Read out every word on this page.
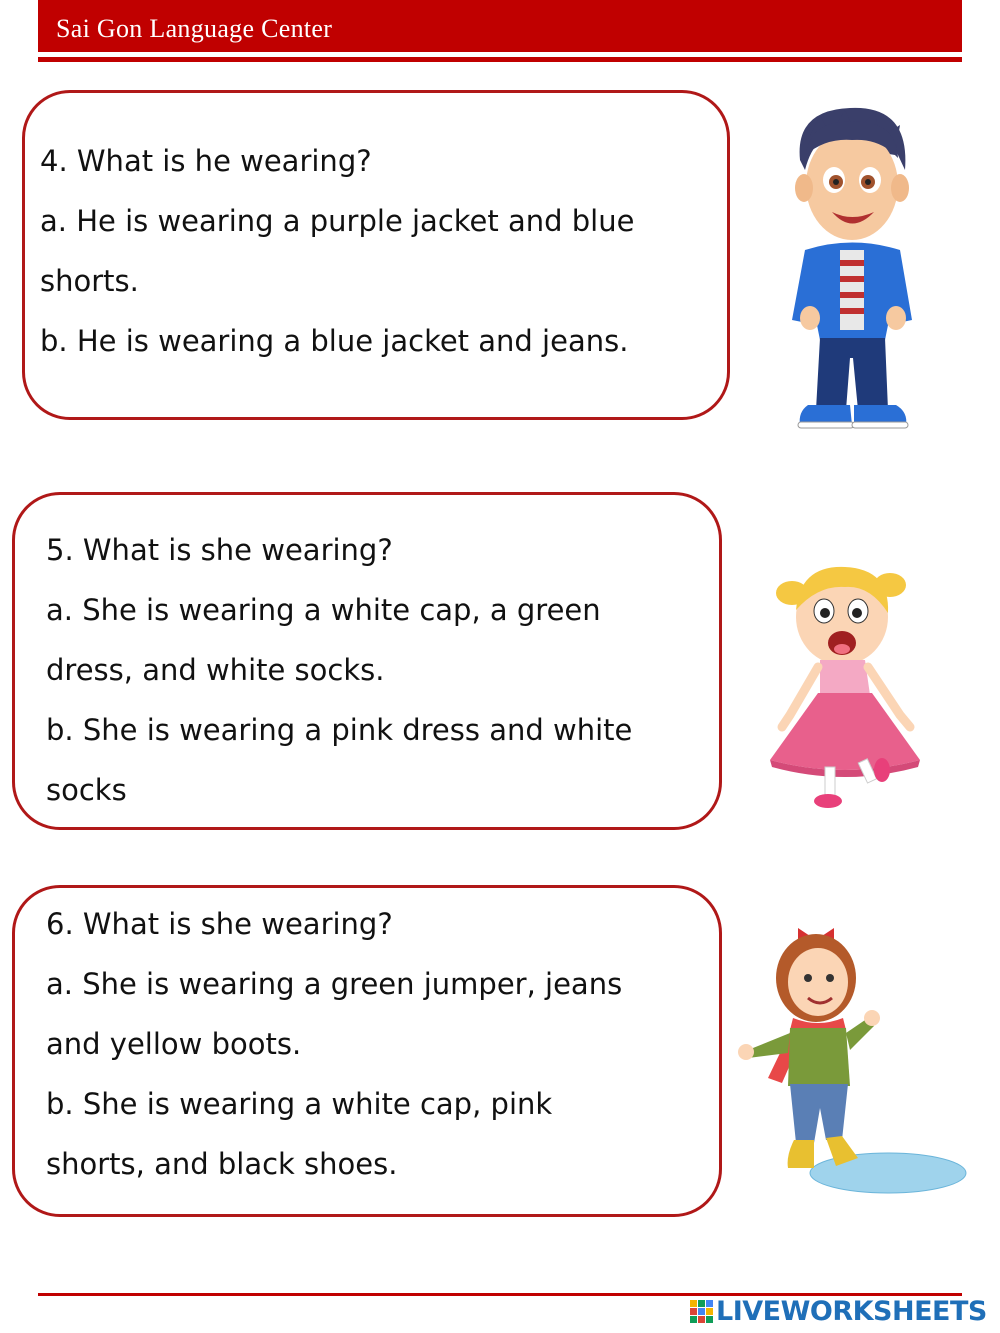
Sai Gon Language Center
4. What is he wearing?
a. He is wearing a purple jacket and blue
shorts.
b. He is wearing a blue jacket and jeans.
5. What is she wearing?
a. She is wearing a white cap, a green
dress, and white socks.
b. She is wearing a pink dress and white
socks
6. What is she wearing?
a. She is wearing a green jumper, jeans
and yellow boots.
b. She is wearing a white cap, pink
shorts, and black shoes.
LIVEWORKSHEETS
